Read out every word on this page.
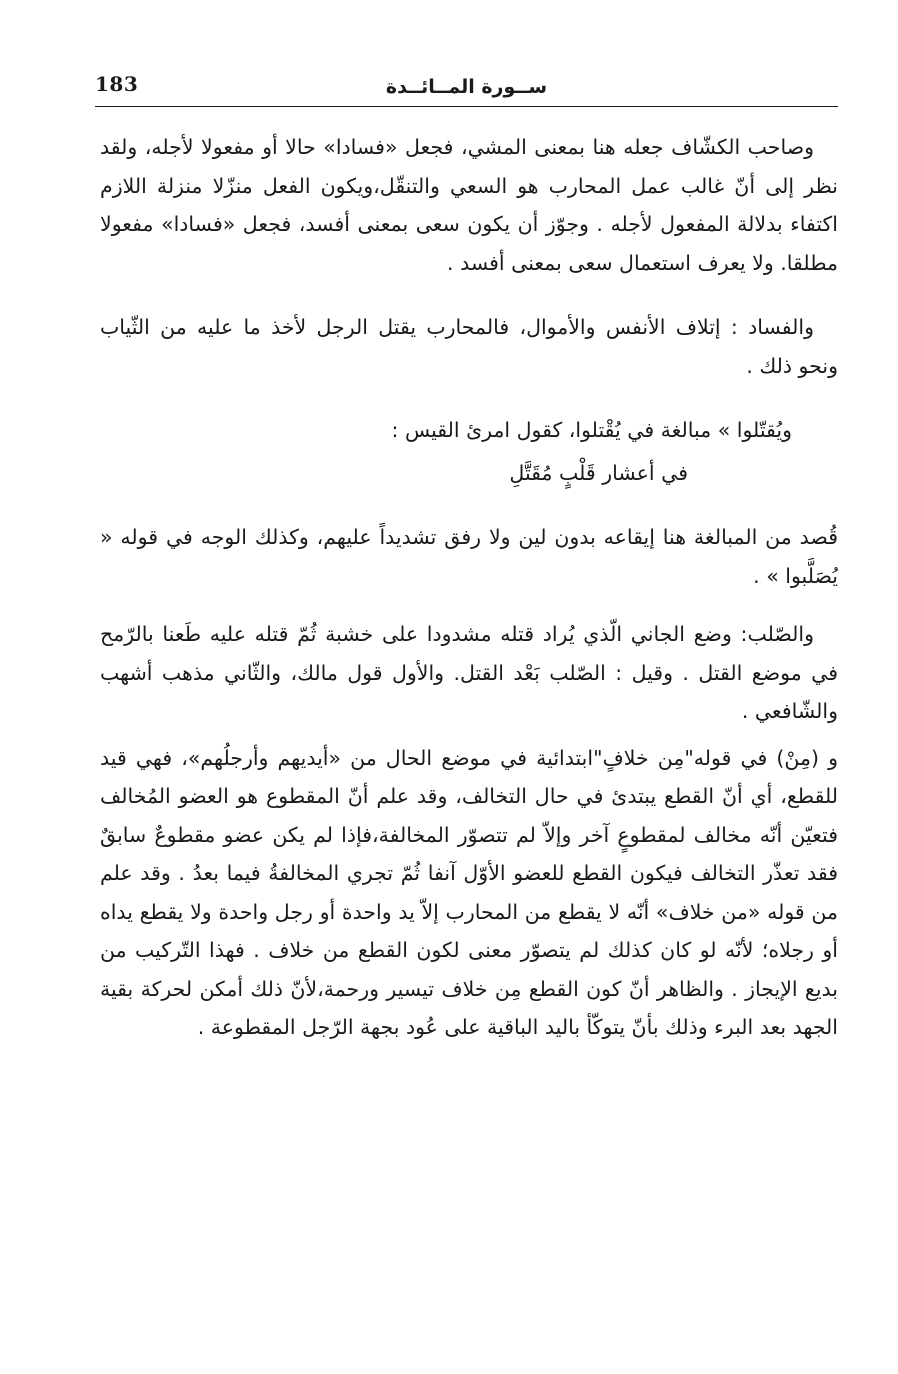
183	ســورة المــائــدة

وصاحب الكشّاف جعله هنا بمعنى المشي، فجعل «فسادا» حالا أو مفعولا لأجله، ولقد نظر إلى أنّ غالب عمل المحارب هو السعي والتنقّل،ويكون الفعل منزّلا منزلة اللازم اكتفاء بدلالة المفعول لأجله . وجوّز أن يكون سعى بمعنى أفسد، فجعل «فسادا» مفعولا مطلقا. ولا يعرف استعمال سعى بمعنى أفسد .

والفساد : إتلاف الأنفس والأموال، فالمحارب يقتل الرجل لأخذ ما عليه من الثّياب ونحو ذلك .

ويُقتّلوا » مبالغة في يُقْتلوا، كقول امرئ القيس :

في أعشار قَلْبٍ مُقَتَّلِ

قُصد من المبالغة هنا إيقاعه بدون لين ولا رفق تشديداً عليهم، وكذلك الوجه في قوله « يُصَلَّبوا » .

والصّلب: وضع الجاني الّذي يُراد قتله مشدودا على خشبة ثُمّ قتله عليه طَعنا بالرّمح في موضع القتل . وقيل : الصّلب بَعْد القتل. والأول قول مالك، والثّاني مذهب أشهب والشّافعي .

و (مِنْ) في قوله"مِن خلافٍ"ابتدائية في موضع الحال من «أيديهم وأرجلُهم»، فهي قيد للقطع، أي أنّ القطع يبتدئ في حال التخالف، وقد علم أنّ المقطوع هو العضو المُخالف فتعيّن أنّه مخالف لمقطوعٍ آخر وإلاّ لم تتصوّر المخالفة،فإذا لم يكن عضو مقطوعٌ سابقٌ فقد تعذّر التخالف فيكون القطع للعضو الأوّل آنفا ثُمّ تجري المخالفةُ فيما بعدُ . وقد علم من قوله «من خلاف» أنّه لا يقطع من المحارب إلاّ يد واحدة أو رجل واحدة ولا يقطع يداه أو رجلاه؛ لأنّه لو كان كذلك لم يتصوّر معنى لكون القطع من خلاف . فهذا التّركيب من بديع الإيجاز . والظاهر أنّ كون القطع مِن خلاف تيسير ورحمة،لأنّ ذلك أمكن لحركة بقية الجهد بعد البرء وذلك بأنّ يتوكّأ باليد الباقية على عُود بجهة الرّجل المقطوعة .
